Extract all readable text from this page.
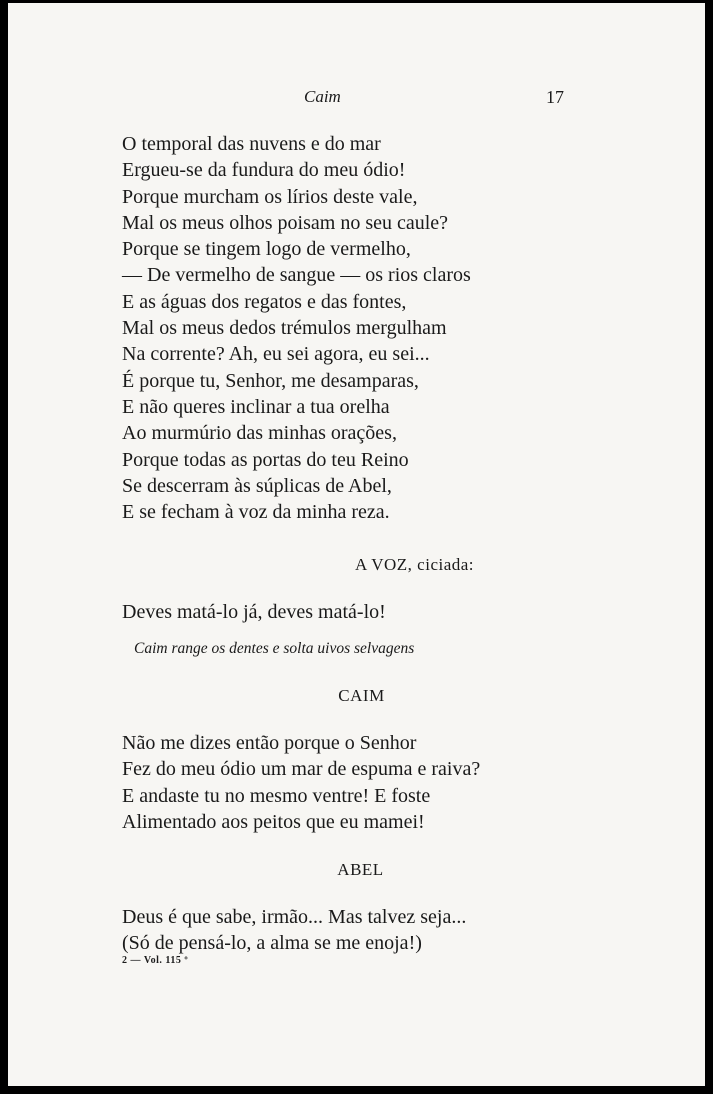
Caim	17
O temporal das nuvens e do mar
Ergueu-se da fundura do meu ódio!
Porque murcham os lírios deste vale,
Mal os meus olhos poisam no seu caule?
Porque se tingem logo de vermelho,
— De vermelho de sangue — os rios claros
E as águas dos regatos e das fontes,
Mal os meus dedos trémulos mergulham
Na corrente? Ah, eu sei agora, eu sei...
É porque tu, Senhor, me desamparas,
E não queres inclinar a tua orelha
Ao murmúrio das minhas orações,
Porque todas as portas do teu Reino
Se descerram às súplicas de Abel,
E se fecham à voz da minha reza.
A VOZ, ciciada:
Deves matá-lo já, deves matá-lo!
Caim range os dentes e solta uivos selvagens
CAIM
Não me dizes então porque o Senhor
Fez do meu ódio um mar de espuma e raiva?
E andaste tu no mesmo ventre! E foste
Alimentado aos peitos que eu mamei!
ABEL
Deus é que sabe, irmão... Mas talvez seja...
(Só de pensá-lo, a alma se me enoja!)
2 — Vol. 115 º
